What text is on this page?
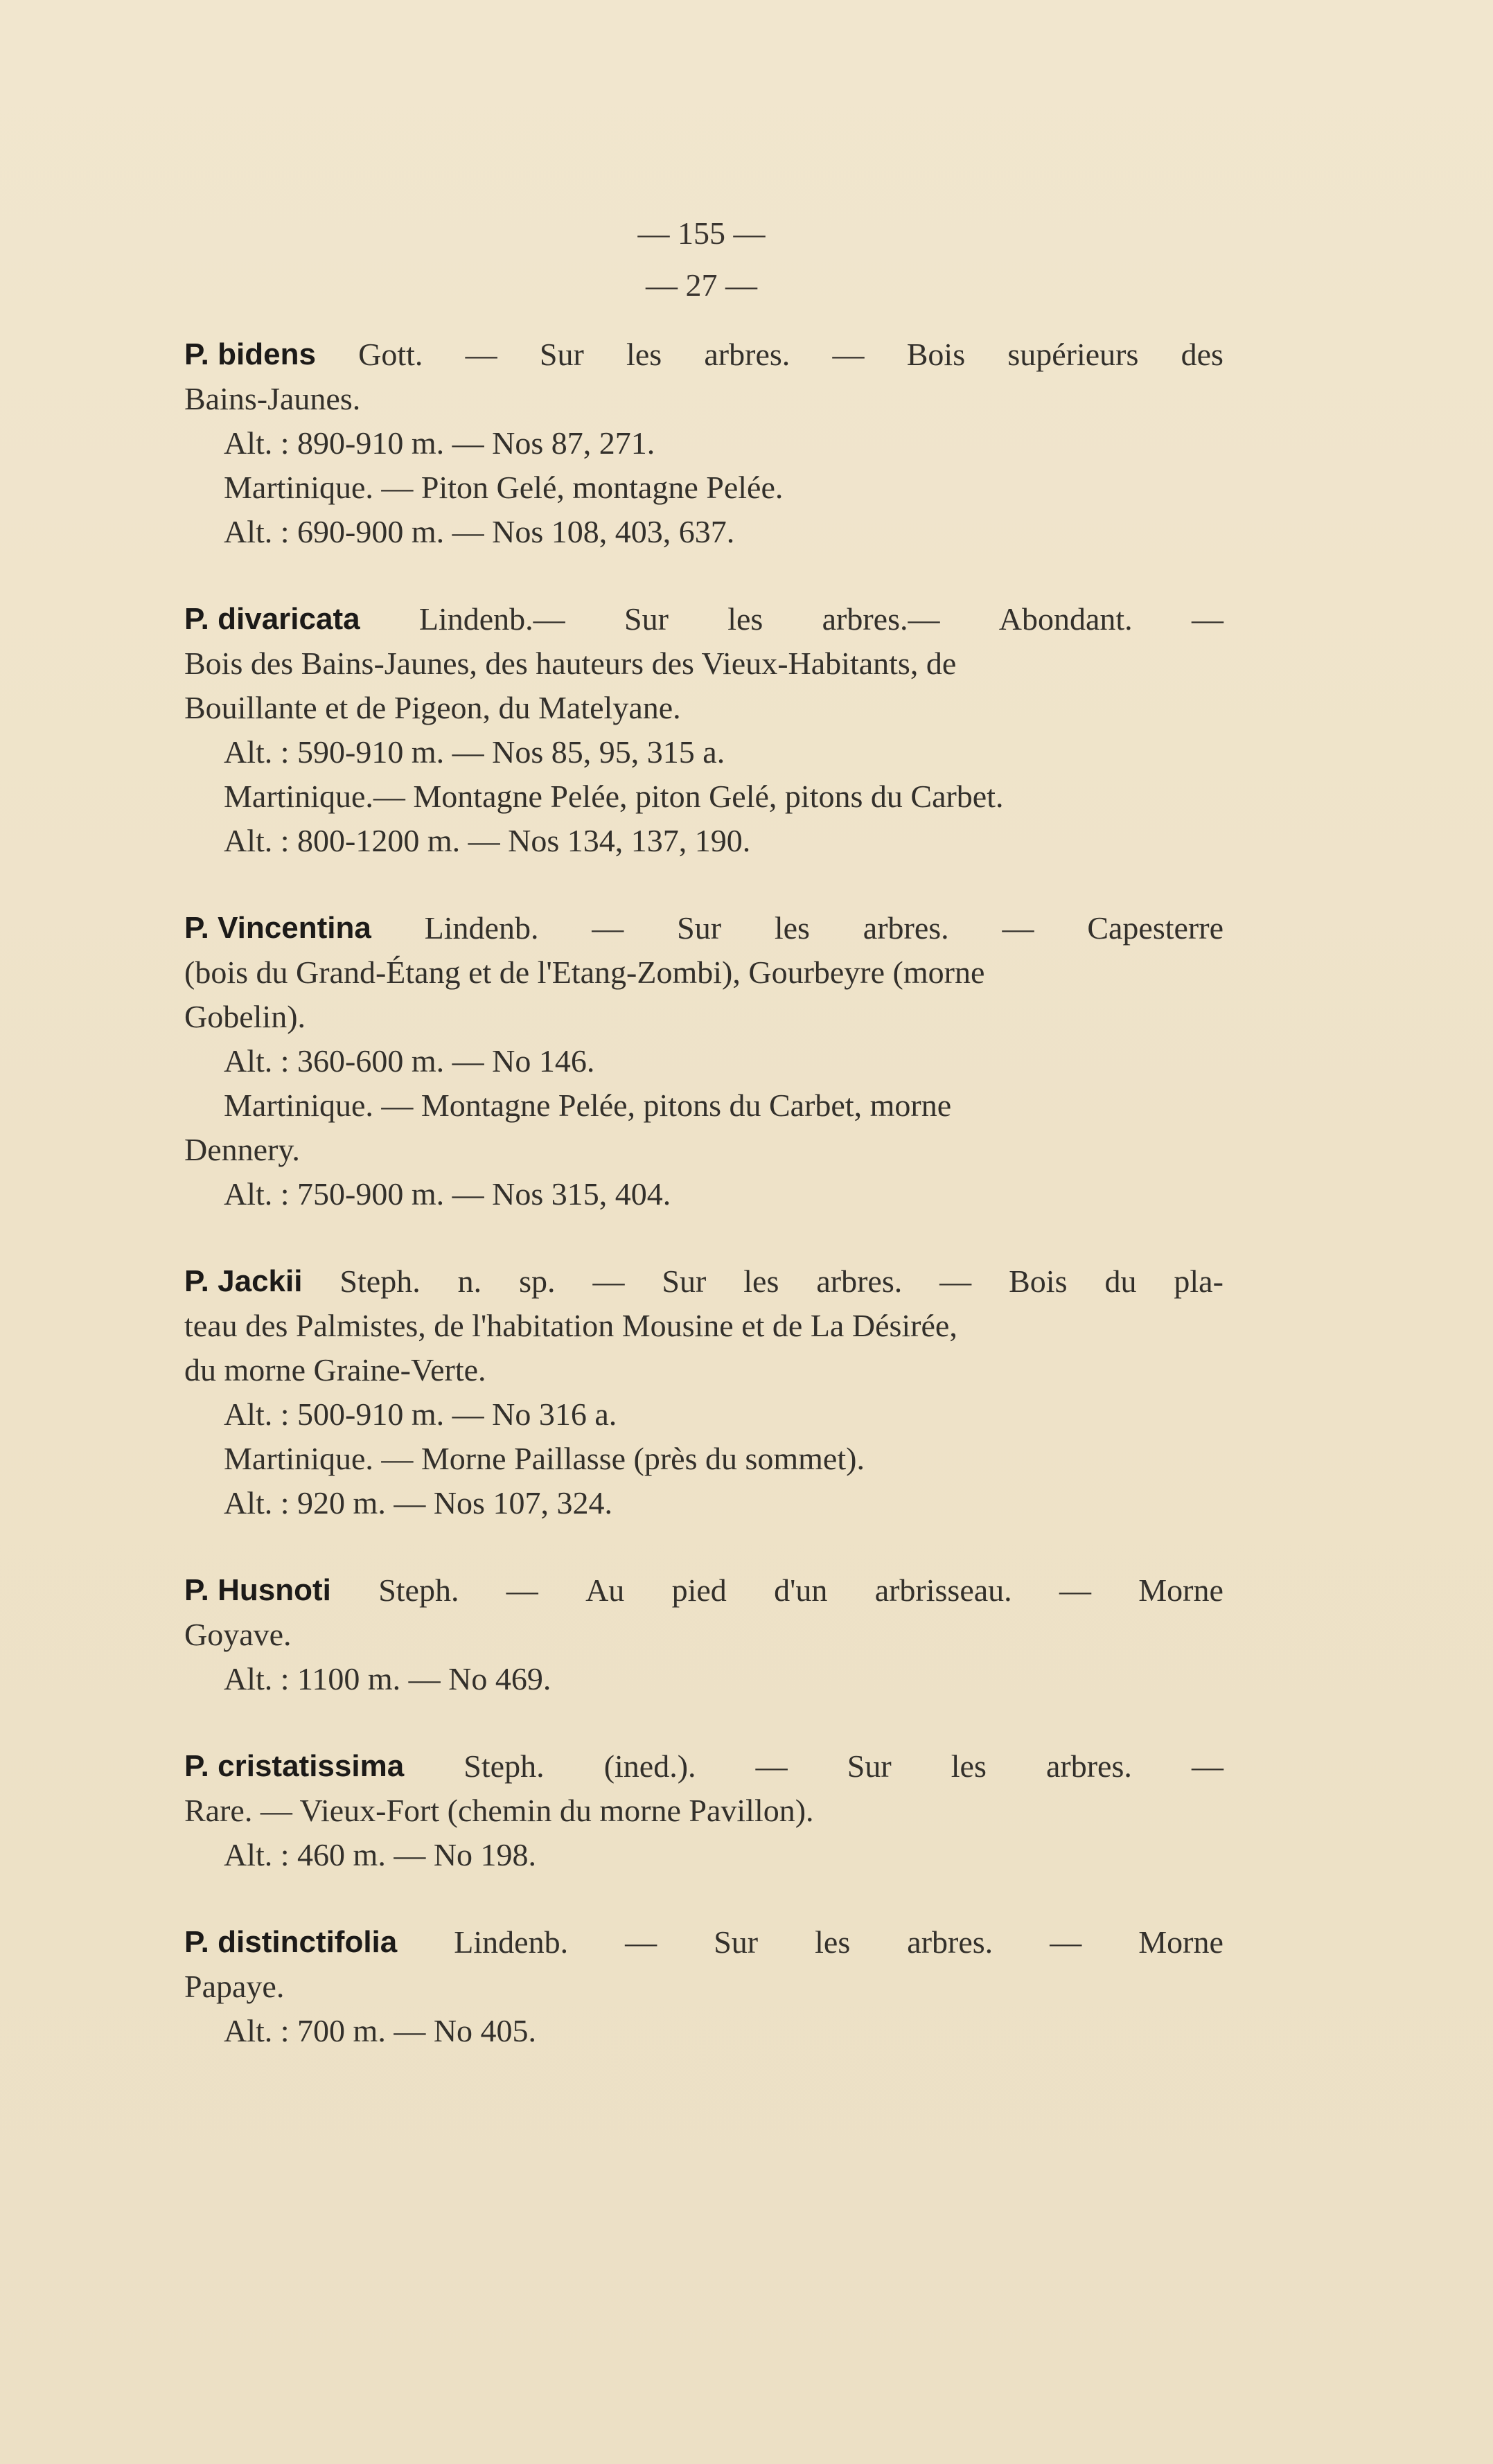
— 155 —

— 27 —

P. bidens Gott. — Sur les arbres. — Bois supérieurs des
Bains-Jaunes.
Alt. : 890-910 m. — Nos 87, 271.
Martinique. — Piton Gelé, montagne Pelée.
Alt. : 690-900 m. — Nos 108, 403, 637.
P. divaricata Lindenb.— Sur les arbres.— Abondant. —
Bois des Bains-Jaunes, des hauteurs des Vieux-Habitants, de
Bouillante et de Pigeon, du Matelyane.
Alt. : 590-910 m. — Nos 85, 95, 315 a.
Martinique.— Montagne Pelée, piton Gelé, pitons du Carbet.
Alt. : 800-1200 m. — Nos 134, 137, 190.
P. Vincentina Lindenb. — Sur les arbres. — Capesterre
(bois du Grand-Étang et de l'Etang-Zombi), Gourbeyre (morne
Gobelin).
Alt. : 360-600 m. — No 146.
Martinique. — Montagne Pelée, pitons du Carbet, morne
Dennery.
Alt. : 750-900 m. — Nos 315, 404.
P. Jackii Steph. n. sp. — Sur les arbres. — Bois du pla-
teau des Palmistes, de l'habitation Mousine et de La Désirée,
du morne Graine-Verte.
Alt. : 500-910 m. — No 316 a.
Martinique. — Morne Paillasse (près du sommet).
Alt. : 920 m. — Nos 107, 324.
P. Husnoti Steph. — Au pied d'un arbrisseau. — Morne
Goyave.
Alt. : 1100 m. — No 469.
P. cristatissima Steph. (ined.). — Sur les arbres. —
Rare. — Vieux-Fort (chemin du morne Pavillon).
Alt. : 460 m. — No 198.
P. distinctifolia Lindenb. — Sur les arbres. — Morne
Papaye.
Alt. : 700 m. — No 405.
